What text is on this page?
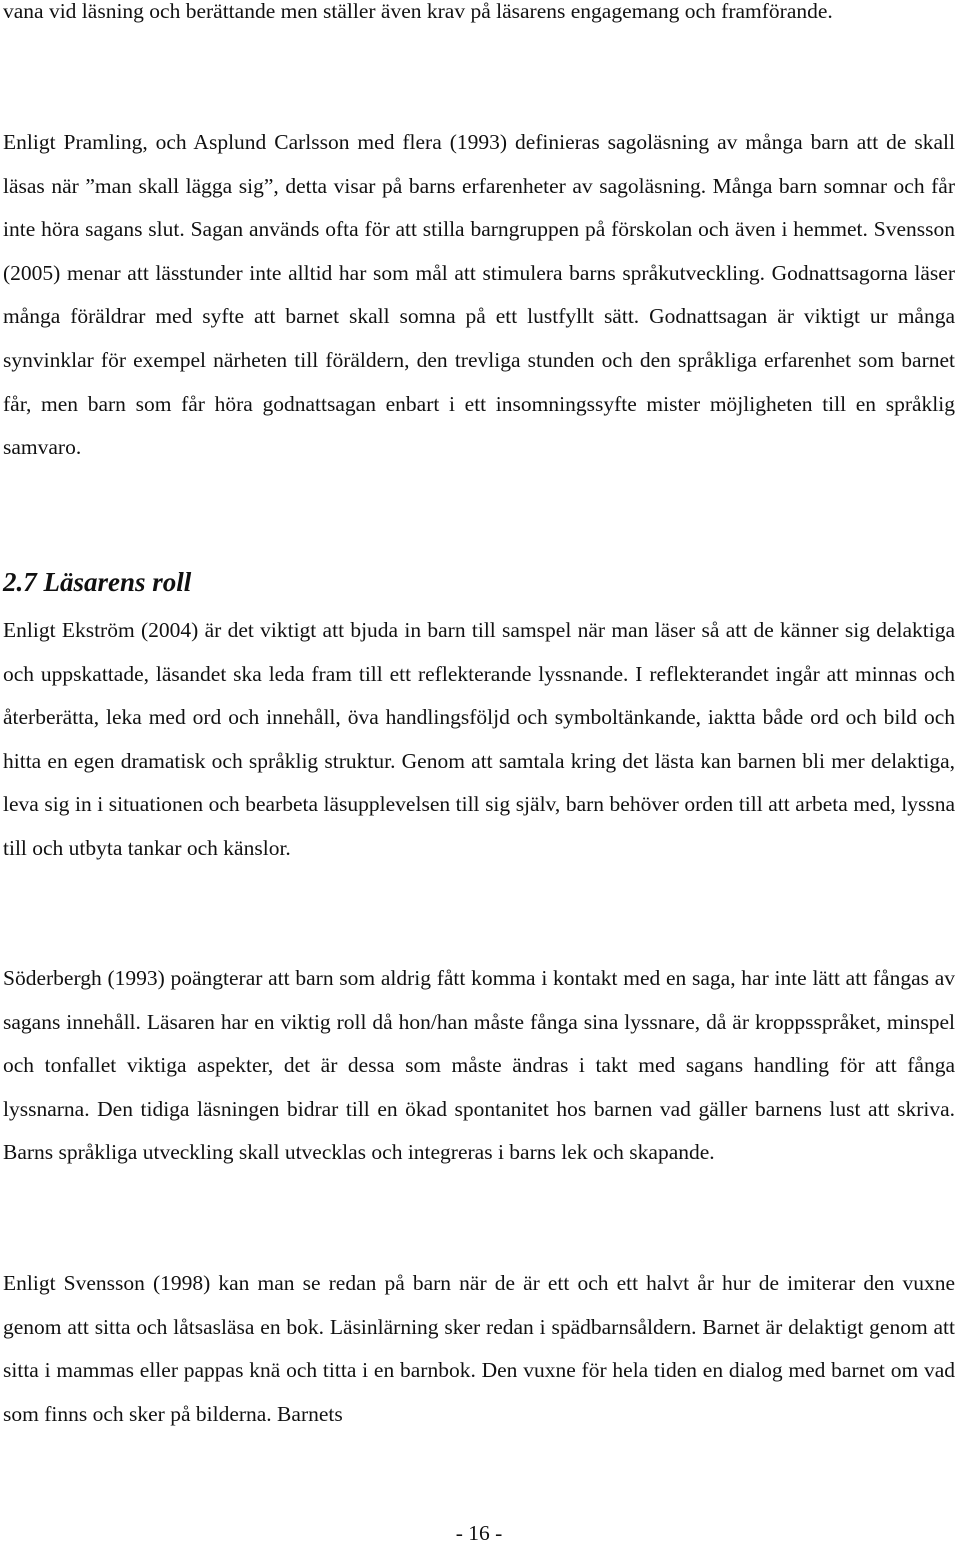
vana vid läsning och berättande men ställer även krav på läsarens engagemang och framförande.

Enligt Pramling, och Asplund Carlsson med flera (1993) definieras sagoläsning av många barn att de skall läsas när ”man skall lägga sig”, detta visar på barns erfarenheter av sagoläsning. Många barn somnar och får inte höra sagans slut. Sagan används ofta för att stilla barngruppen på förskolan och även i hemmet. Svensson (2005) menar att lässtunder inte alltid har som mål att stimulera barns språkutveckling. Godnattsagorna läser många föräldrar med syfte att barnet skall somna på ett lustfyllt sätt. Godnattsagan är viktigt ur många synvinklar för exempel närheten till föräldern, den trevliga stunden och den språkliga erfarenhet som barnet får, men barn som får höra godnattsagan enbart i ett insomningssyfte mister möjligheten till en språklig samvaro.

2.7 Läsarens roll

Enligt Ekström (2004) är det viktigt att bjuda in barn till samspel när man läser så att de känner sig delaktiga och uppskattade, läsandet ska leda fram till ett reflekterande lyssnande. I reflekterandet ingår att minnas och återberätta, leka med ord och innehåll, öva handlingsföljd och symboltänkande, iaktta både ord och bild och hitta en egen dramatisk och språklig struktur. Genom att samtala kring det lästa kan barnen bli mer delaktiga, leva sig in i situationen och bearbeta läsupplevelsen till sig själv, barn behöver orden till att arbeta med, lyssna till och utbyta tankar och känslor.

Söderbergh (1993) poängterar att barn som aldrig fått komma i kontakt med en saga, har inte lätt att fångas av sagans innehåll. Läsaren har en viktig roll då hon/han måste fånga sina lyssnare, då är kroppsspråket, minspel och tonfallet viktiga aspekter, det är dessa som måste ändras i takt med sagans handling för att fånga lyssnarna. Den tidiga läsningen bidrar till en ökad spontanitet hos barnen vad gäller barnens lust att skriva. Barns språkliga utveckling skall utvecklas och integreras i barns lek och skapande.

Enligt Svensson (1998) kan man se redan på barn när de är ett och ett halvt år hur de imiterar den vuxne genom att sitta och låtsasläsa en bok. Läsinlärning sker redan i spädbarnsåldern. Barnet är delaktigt genom att sitta i mammas eller pappas knä och titta i en barnbok. Den vuxne för hela tiden en dialog med barnet om vad som finns och sker på bilderna. Barnets

- 16 -
